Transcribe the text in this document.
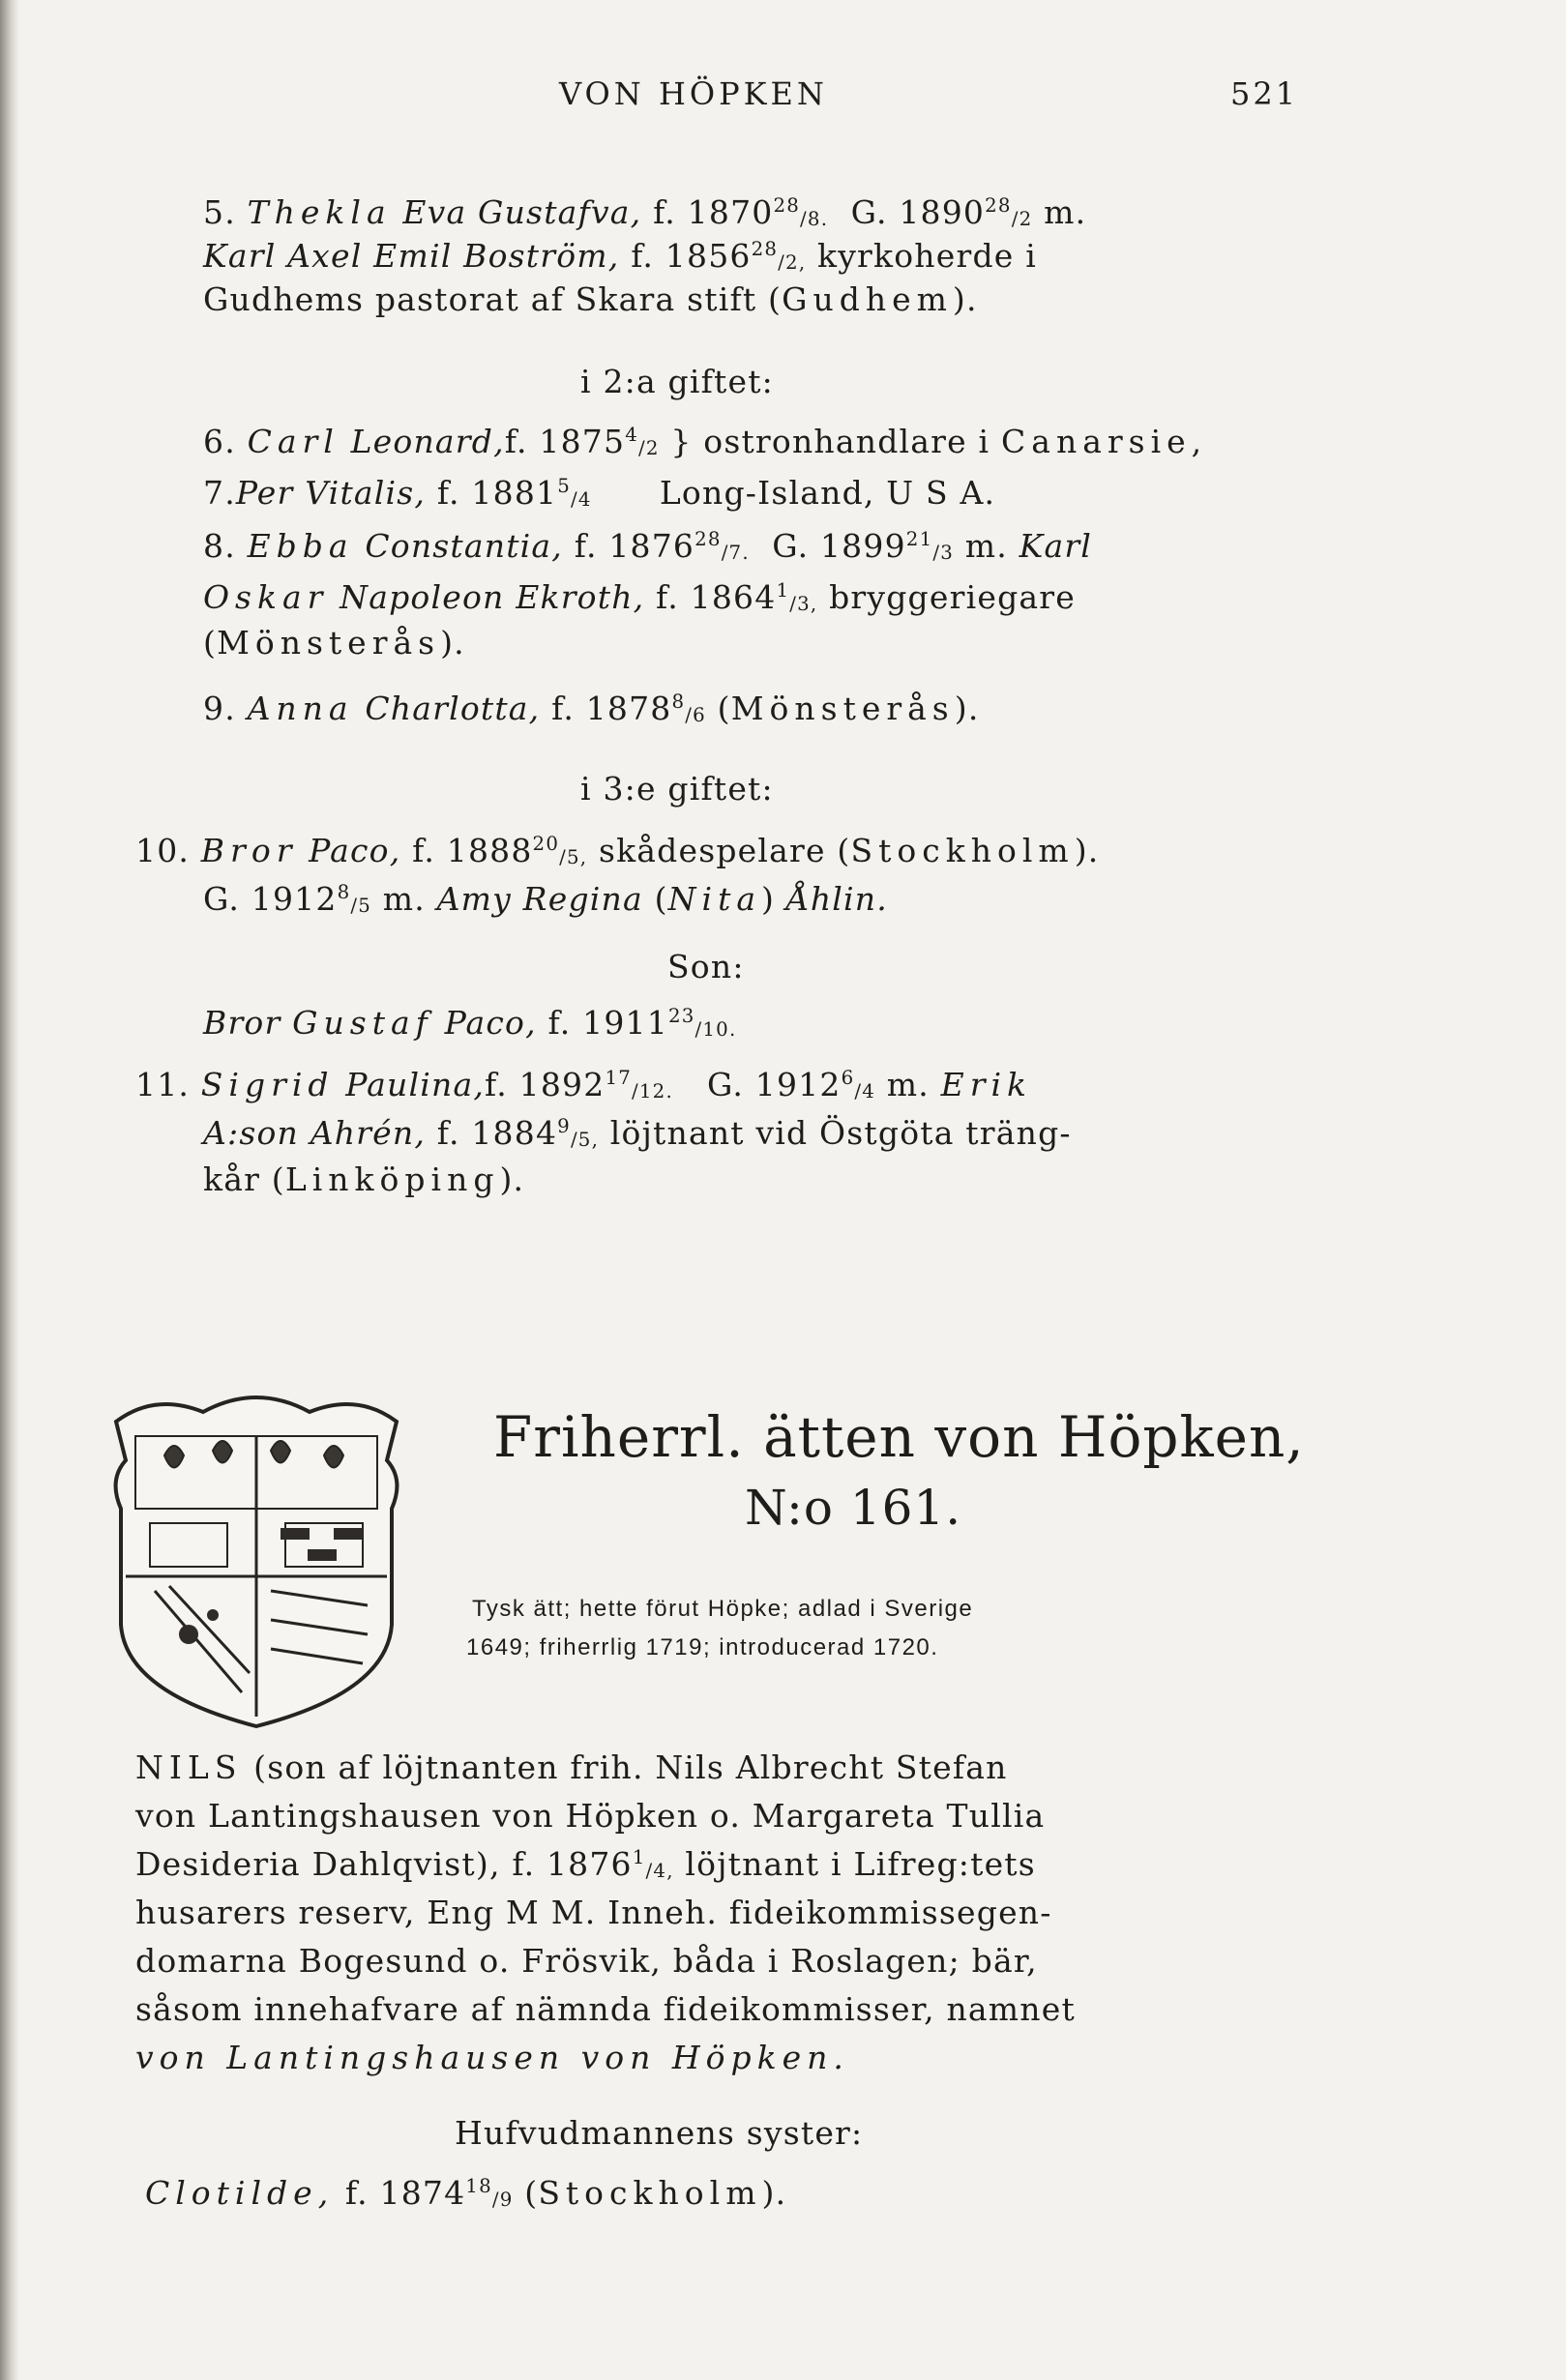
VON HÖPKEN	521
5. Thekla Eva Gustafva, f. $1870^{28}_{/8.}$ G. $1890^{28}_{/2}$ m.
Karl Axel Emil Boström, f. $1856^{28}_{/2,}$ kyrkoherde i
Gudhems pastorat af Skara stift (Gudhem).
i 2:a giftet:
6. Carl Leonard,f. $1875^4_{/2}$ } ostronhandlare i Canarsie,
7.Per Vitalis, f. $1881^5_{/4}$ Long-Island, U S A.
8. Ebba Constantia, f. $1876^{28}_{/7.}$ G. $1899^{21}_{/3}$ m. Karl
Oskar Napoleon Ekroth, f. $1864^1_{/3,}$ bryggeriegare
(Mönsterås).
9. Anna Charlotta, f. $1878^8_{/6}$ (Mönsterås).
i 3:e giftet:
10. Bror Paco, f. $1888^{20}_{/5,}$ skådespelare (Stockholm).
G. $1912^8_{/5}$ m. Amy Regina (Nita) Åhlin.
Son:
Bror Gustaf Paco, f. $1911^{23}_{/10.}$
11. Sigrid Paulina,f. $1892^{17}_{/12.}$ G. $1912^6_{/4}$ m. Erik
A:son Ahrén, f. $1884^9_{/5,}$ löjtnant vid Östgöta träng-
kår (Linköping).
Friherrl. ätten von Höpken,
N:o 161.
Tysk ätt; hette förut Höpke; adlad i Sverige
1649; friherrlig 1719; introducerad 1720.
NILS (son af löjtnanten frih. Nils Albrecht Stefan
von Lantingshausen von Höpken o. Margareta Tullia
Desideria Dahlqvist), f. $1876^1_{/4,}$ löjtnant i Lifreg:tets
husarers reserv, Eng M M. Inneh. fideikommissegen-
domarna Bogesund o. Frösvik, båda i Roslagen; bär,
såsom innehafvare af nämnda fideikommisser, namnet
von Lantingshausen von Höpken.
Hufvudmannens syster:
Clotilde, f. $1874^{18}_{/9}$ (Stockholm).
